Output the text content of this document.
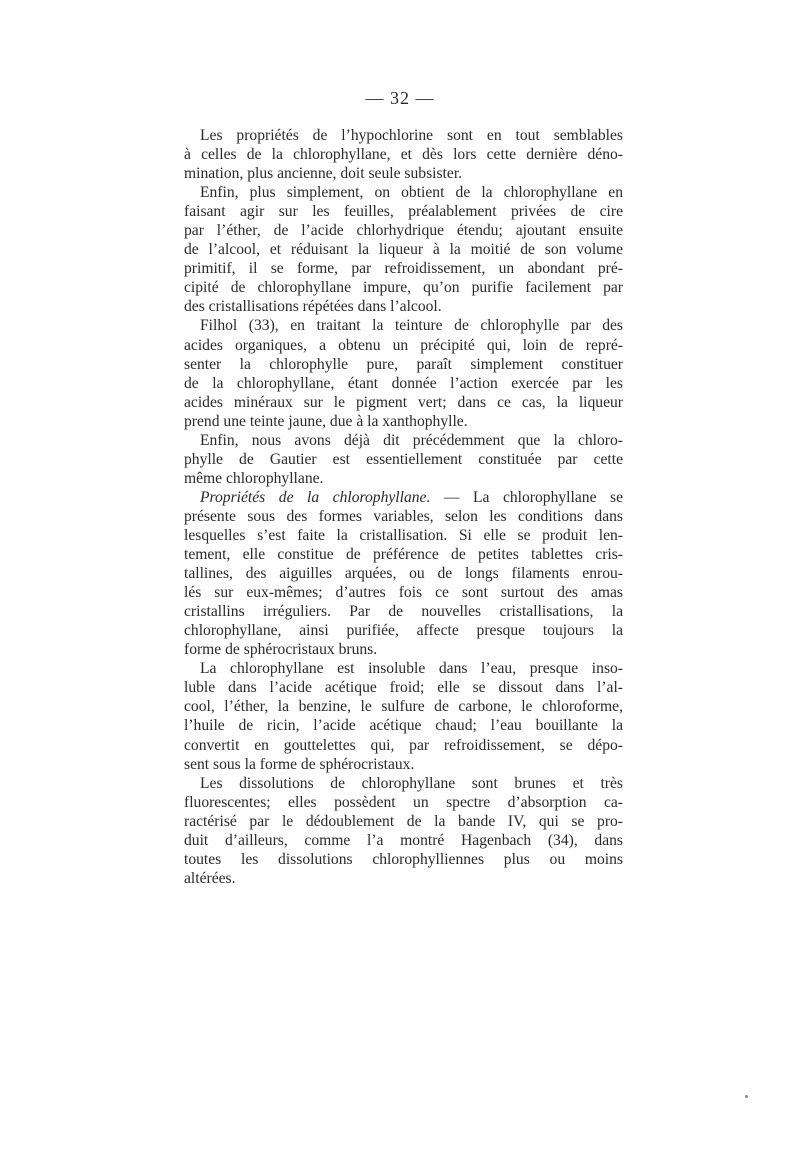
— 32 —
Les propriétés de l’hypochlorine sont en tout semblables
à celles de la chlorophyllane, et dès lors cette dernière déno-
mination, plus ancienne, doit seule subsister.
Enfin, plus simplement, on obtient de la chlorophyllane en
faisant agir sur les feuilles, préalablement privées de cire
par l’éther, de l’acide chlorhydrique étendu; ajoutant ensuite
de l’alcool, et réduisant la liqueur à la moitié de son volume
primitif, il se forme, par refroidissement, un abondant pré-
cipité de chlorophyllane impure, qu’on purifie facilement par
des cristallisations répétées dans l’alcool.
Filhol (33), en traitant la teinture de chlorophylle par des
acides organiques, a obtenu un précipité qui, loin de repré-
senter la chlorophylle pure, paraît simplement constituer
de la chlorophyllane, étant donnée l’action exercée par les
acides minéraux sur le pigment vert; dans ce cas, la liqueur
prend une teinte jaune, due à la xanthophylle.
Enfin, nous avons déjà dit précédemment que la chloro-
phylle de Gautier est essentiellement constituée par cette
même chlorophyllane.
Propriétés de la chlorophyllane. — La chlorophyllane se
présente sous des formes variables, selon les conditions dans
lesquelles s’est faite la cristallisation. Si elle se produit len-
tement, elle constitue de préférence de petites tablettes cris-
tallines, des aiguilles arquées, ou de longs filaments enrou-
lés sur eux-mêmes; d’autres fois ce sont surtout des amas
cristallins irréguliers. Par de nouvelles cristallisations, la
chlorophyllane, ainsi purifiée, affecte presque toujours la
forme de sphérocristaux bruns.
La chlorophyllane est insoluble dans l’eau, presque inso-
luble dans l’acide acétique froid; elle se dissout dans l’al-
cool, l’éther, la benzine, le sulfure de carbone, le chloroforme,
l’huile de ricin, l’acide acétique chaud; l’eau bouillante la
convertit en gouttelettes qui, par refroidissement, se dépo-
sent sous la forme de sphérocristaux.
Les dissolutions de chlorophyllane sont brunes et très
fluorescentes; elles possèdent un spectre d’absorption ca-
ractérisé par le dédoublement de la bande IV, qui se pro-
duit d’ailleurs, comme l’a montré Hagenbach (34), dans
toutes les dissolutions chlorophylliennes plus ou moins
altérées.
